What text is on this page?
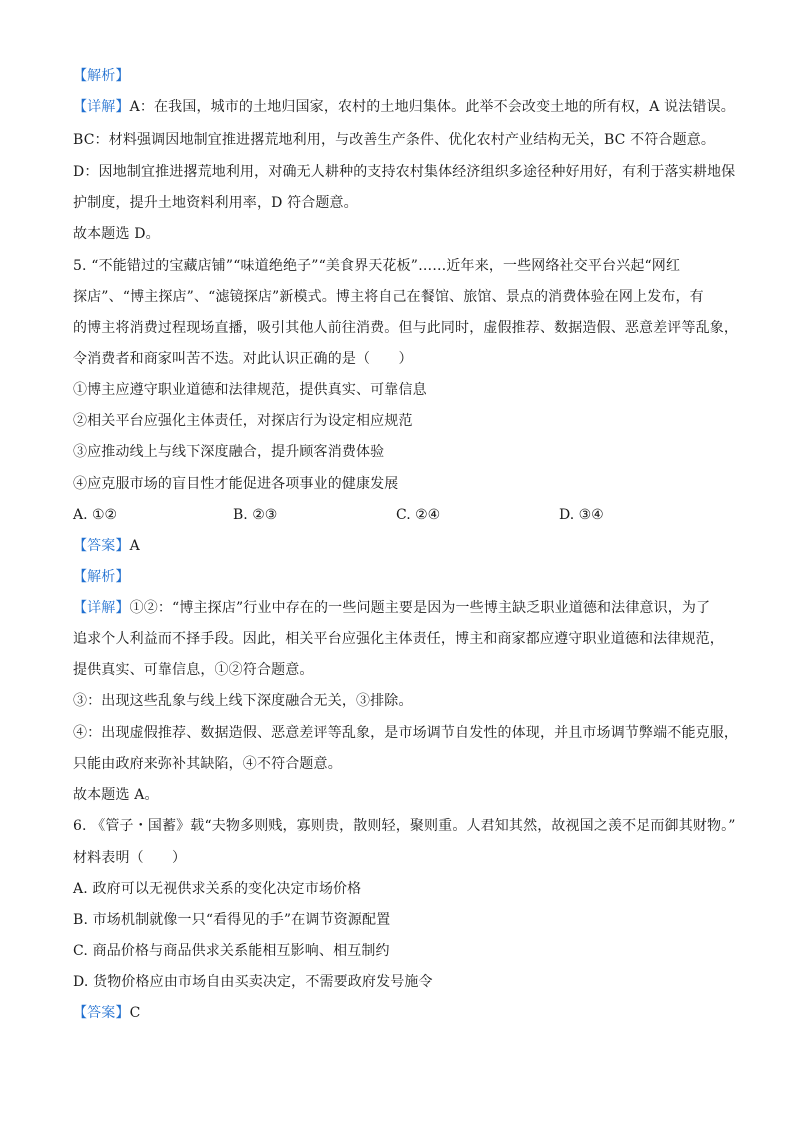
【解析】
【详解】A：在我国，城市的土地归国家，农村的土地归集体。此举不会改变土地的所有权，A 说法错误。
BC：材料强调因地制宜推进撂荒地利用，与改善生产条件、优化农村产业结构无关，BC 不符合题意。
D：因地制宜推进撂荒地利用，对确无人耕种的支持农村集体经济组织多途径种好用好，有利于落实耕地保
护制度，提升土地资料利用率，D 符合题意。
故本题选 D。
5. “不能错过的宝藏店铺”“味道绝绝子”“美食界天花板”……近年来，一些网络社交平台兴起“网红
探店”、“博主探店”、“滤镜探店”新模式。博主将自己在餐馆、旅馆、景点的消费体验在网上发布，有
的博主将消费过程现场直播，吸引其他人前往消费。但与此同时，虚假推荐、数据造假、恶意差评等乱象，
令消费者和商家叫苦不迭。对此认识正确的是（　　）
①博主应遵守职业道德和法律规范，提供真实、可靠信息
②相关平台应强化主体责任，对探店行为设定相应规范
③应推动线上与线下深度融合，提升顾客消费体验
④应克服市场的盲目性才能促进各项事业的健康发展
A. ①②	B. ②③	C. ②④	D. ③④
【答案】A
【解析】
【详解】①②：“博主探店”行业中存在的一些问题主要是因为一些博主缺乏职业道德和法律意识，为了
追求个人利益而不择手段。因此，相关平台应强化主体责任，博主和商家都应遵守职业道德和法律规范，
提供真实、可靠信息，①②符合题意。
③：出现这些乱象与线上线下深度融合无关，③排除。
④：出现虚假推荐、数据造假、恶意差评等乱象，是市场调节自发性的体现，并且市场调节弊端不能克服，
只能由政府来弥补其缺陷，④不符合题意。
故本题选 A。
6. 《管子・国蓄》载“夫物多则贱，寡则贵，散则轻，聚则重。人君知其然，故视国之羡不足而御其财物。”
材料表明（　　）
A. 政府可以无视供求关系的变化决定市场价格
B. 市场机制就像一只“看得见的手”在调节资源配置
C. 商品价格与商品供求关系能相互影响、相互制约
D. 货物价格应由市场自由买卖决定，不需要政府发号施令
【答案】C
